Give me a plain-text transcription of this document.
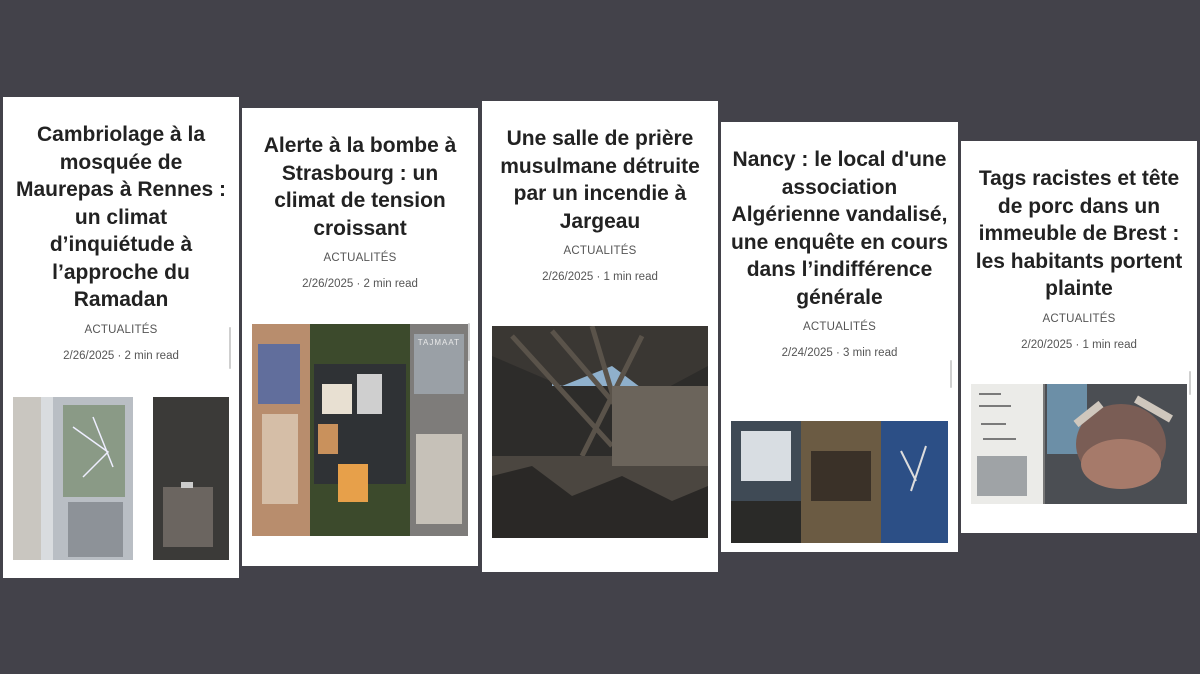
Cambriolage à la mosquée de Maurepas à Rennes : un climat d’inquiétude à l’approche du Ramadan
ACTUALITÉS
2/26/2025 · 2 min read
Alerte à la bombe à Strasbourg : un climat de tension croissant
ACTUALITÉS
2/26/2025 · 2 min read
TAJMAAT
Une salle de prière musulmane détruite par un incendie à Jargeau
ACTUALITÉS
2/26/2025 · 1 min read
Nancy : le local d'une association Algérienne vandalisé, une enquête en cours dans l’indifférence générale
ACTUALITÉS
2/24/2025 · 3 min read
Tags racistes et tête de porc dans un immeuble de Brest : les habitants portent plainte
ACTUALITÉS
2/20/2025 · 1 min read
